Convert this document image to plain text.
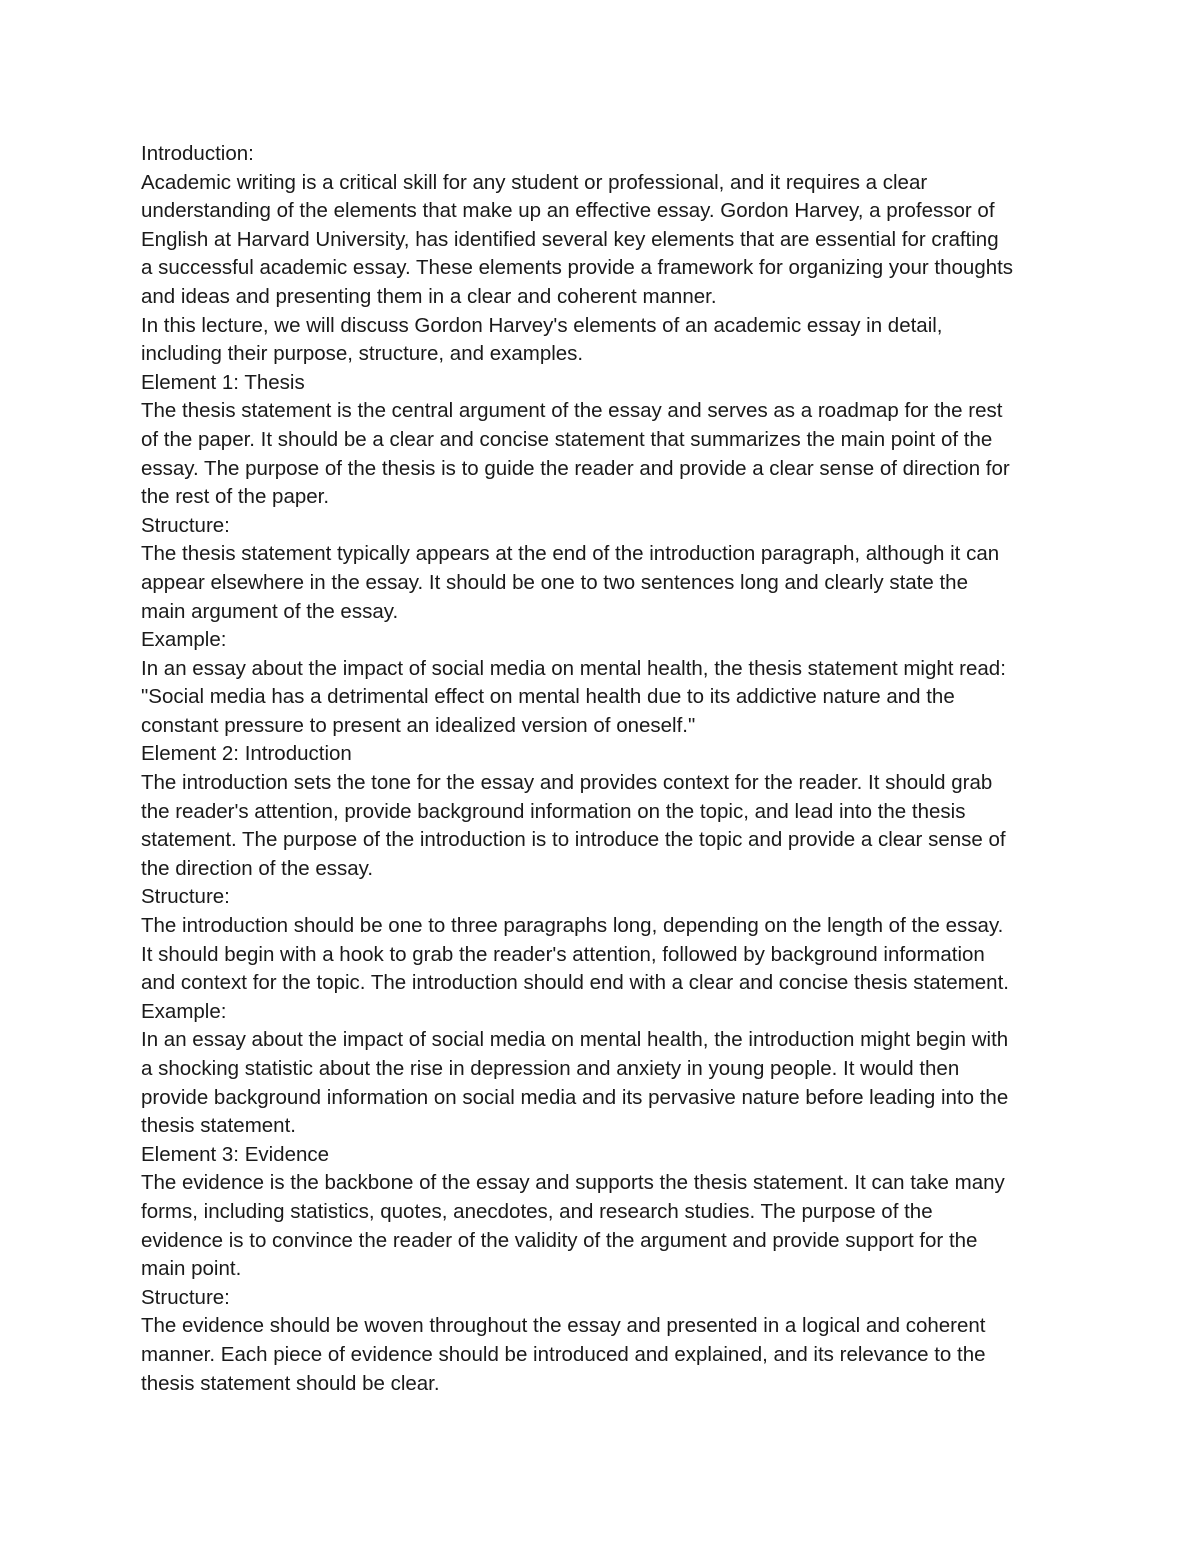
Introduction:

Academic writing is a critical skill for any student or professional, and it requires a clear

understanding of the elements that make up an effective essay. Gordon Harvey, a professor of

English at Harvard University, has identified several key elements that are essential for crafting

a successful academic essay. These elements provide a framework for organizing your thoughts

and ideas and presenting them in a clear and coherent manner.

In this lecture, we will discuss Gordon Harvey's elements of an academic essay in detail,

including their purpose, structure, and examples.

Element 1: Thesis

The thesis statement is the central argument of the essay and serves as a roadmap for the rest

of the paper. It should be a clear and concise statement that summarizes the main point of the

essay. The purpose of the thesis is to guide the reader and provide a clear sense of direction for

the rest of the paper.

Structure:

The thesis statement typically appears at the end of the introduction paragraph, although it can

appear elsewhere in the essay. It should be one to two sentences long and clearly state the

main argument of the essay.

Example:

In an essay about the impact of social media on mental health, the thesis statement might read:

"Social media has a detrimental effect on mental health due to its addictive nature and the

constant pressure to present an idealized version of oneself."

Element 2: Introduction

The introduction sets the tone for the essay and provides context for the reader. It should grab

the reader's attention, provide background information on the topic, and lead into the thesis

statement. The purpose of the introduction is to introduce the topic and provide a clear sense of

the direction of the essay.

Structure:

The introduction should be one to three paragraphs long, depending on the length of the essay.

It should begin with a hook to grab the reader's attention, followed by background information

and context for the topic. The introduction should end with a clear and concise thesis statement.

Example:

In an essay about the impact of social media on mental health, the introduction might begin with

a shocking statistic about the rise in depression and anxiety in young people. It would then

provide background information on social media and its pervasive nature before leading into the

thesis statement.

Element 3: Evidence

The evidence is the backbone of the essay and supports the thesis statement. It can take many

forms, including statistics, quotes, anecdotes, and research studies. The purpose of the

evidence is to convince the reader of the validity of the argument and provide support for the

main point.

Structure:

The evidence should be woven throughout the essay and presented in a logical and coherent

manner. Each piece of evidence should be introduced and explained, and its relevance to the

thesis statement should be clear.
